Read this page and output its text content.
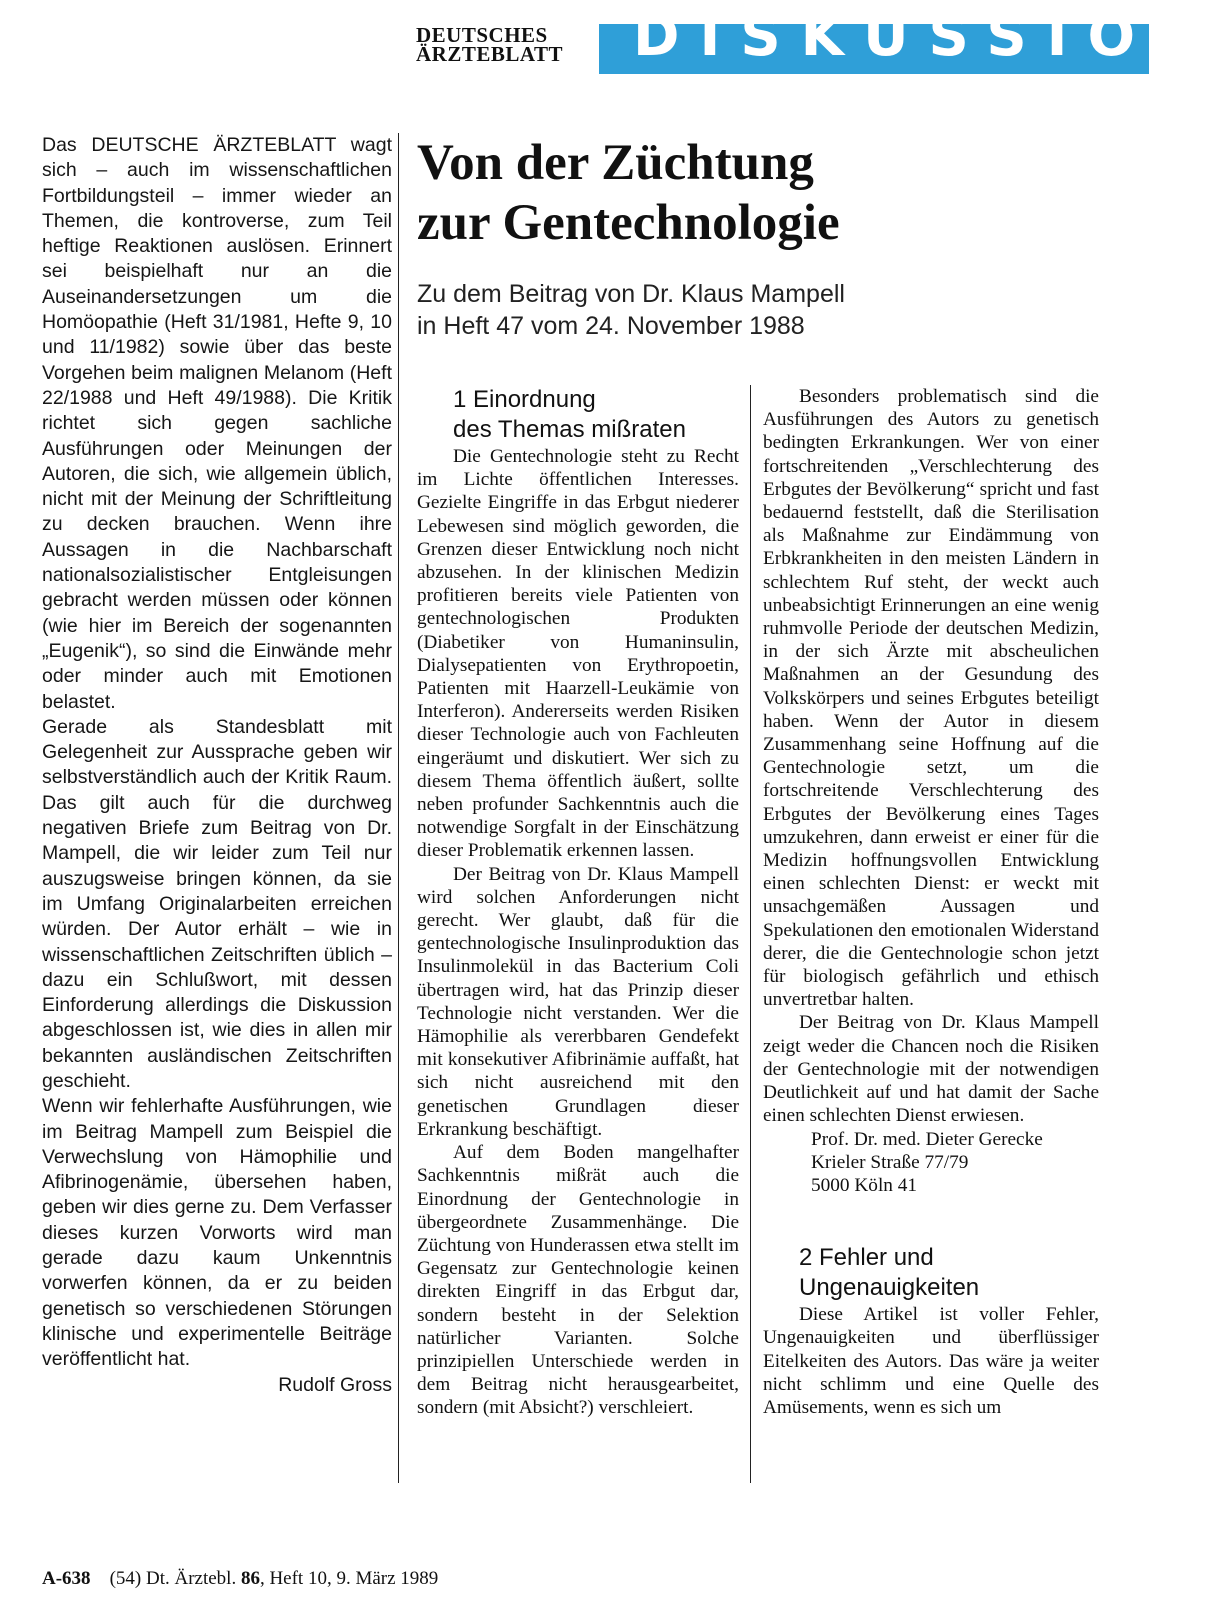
DEUTSCHES
ÄRZTEBLATT	DISKUSSION

Das DEUTSCHE ÄRZTEBLATT wagt sich – auch im wissenschaftlichen Fortbildungsteil – immer wieder an Themen, die kontroverse, zum Teil heftige Reaktionen auslösen. Erinnert sei beispielhaft nur an die Auseinandersetzungen um die Homöopathie (Heft 31/1981, Hefte 9, 10 und 11/1982) sowie über das beste Vorgehen beim malignen Melanom (Heft 22/1988 und Heft 49/1988). Die Kritik richtet sich gegen sachliche Ausführungen oder Meinungen der Autoren, die sich, wie allgemein üblich, nicht mit der Meinung der Schriftleitung zu decken brauchen. Wenn ihre Aussagen in die Nachbarschaft nationalsozialistischer Entgleisungen gebracht werden müssen oder können (wie hier im Bereich der sogenannten „Eugenik“), so sind die Einwände mehr oder minder auch mit Emotionen belastet.

Gerade als Standesblatt mit Gelegenheit zur Aussprache geben wir selbstverständlich auch der Kritik Raum. Das gilt auch für die durchweg negativen Briefe zum Beitrag von Dr. Mampell, die wir leider zum Teil nur auszugsweise bringen können, da sie im Umfang Originalarbeiten erreichen würden. Der Autor erhält – wie in wissenschaftlichen Zeitschriften üblich – dazu ein Schlußwort, mit dessen Einforderung allerdings die Diskussion abgeschlossen ist, wie dies in allen mir bekannten ausländischen Zeitschriften geschieht.

Wenn wir fehlerhafte Ausführungen, wie im Beitrag Mampell zum Beispiel die Verwechslung von Hämophilie und Afibrinogenämie, übersehen haben, geben wir dies gerne zu. Dem Verfasser dieses kurzen Vorworts wird man gerade dazu kaum Unkenntnis vorwerfen können, da er zu beiden genetisch so verschiedenen Störungen klinische und experimentelle Beiträge veröffentlicht hat.

Rudolf Gross

Von der Züchtung
zur Gentechnologie

Zu dem Beitrag von Dr. Klaus Mampell
in Heft 47 vom 24. November 1988

1 Einordnung
des Themas mißraten

Die Gentechnologie steht zu Recht im Lichte öffentlichen Interesses. Gezielte Eingriffe in das Erbgut niederer Lebewesen sind möglich geworden, die Grenzen dieser Entwicklung noch nicht abzusehen. In der klinischen Medizin profitieren bereits viele Patienten von gentechnologischen Produkten (Diabetiker von Humaninsulin, Dialysepatienten von Erythropoetin, Patienten mit Haarzell-Leukämie von Interferon). Andererseits werden Risiken dieser Technologie auch von Fachleuten eingeräumt und diskutiert. Wer sich zu diesem Thema öffentlich äußert, sollte neben profunder Sachkenntnis auch die notwendige Sorgfalt in der Einschätzung dieser Problematik erkennen lassen.

Der Beitrag von Dr. Klaus Mampell wird solchen Anforderungen nicht gerecht. Wer glaubt, daß für die gentechnologische Insulinproduktion das Insulinmolekül in das Bacterium Coli übertragen wird, hat das Prinzip dieser Technologie nicht verstanden. Wer die Hämophilie als vererbbaren Gendefekt mit konsekutiver Afibrinämie auffaßt, hat sich nicht ausreichend mit den genetischen Grundlagen dieser Erkrankung beschäftigt.

Auf dem Boden mangelhafter Sachkenntnis mißrät auch die Einordnung der Gentechnologie in übergeordnete Zusammenhänge. Die Züchtung von Hunderassen etwa stellt im Gegensatz zur Gentechnologie keinen direkten Eingriff in das Erbgut dar, sondern besteht in der Selektion natürlicher Varianten. Solche prinzipiellen Unterschiede werden in dem Beitrag nicht herausgearbeitet, sondern (mit Absicht?) verschleiert.

Besonders problematisch sind die Ausführungen des Autors zu genetisch bedingten Erkrankungen. Wer von einer fortschreitenden „Verschlechterung des Erbgutes der Bevölkerung“ spricht und fast bedauernd feststellt, daß die Sterilisation als Maßnahme zur Eindämmung von Erbkrankheiten in den meisten Ländern in schlechtem Ruf steht, der weckt auch unbeabsichtigt Erinnerungen an eine wenig ruhmvolle Periode der deutschen Medizin, in der sich Ärzte mit abscheulichen Maßnahmen an der Gesundung des Volkskörpers und seines Erbgutes beteiligt haben. Wenn der Autor in diesem Zusammenhang seine Hoffnung auf die Gentechnologie setzt, um die fortschreitende Verschlechterung des Erbgutes der Bevölkerung eines Tages umzukehren, dann erweist er einer für die Medizin hoffnungsvollen Entwicklung einen schlechten Dienst: er weckt mit unsachgemäßen Aussagen und Spekulationen den emotionalen Widerstand derer, die die Gentechnologie schon jetzt für biologisch gefährlich und ethisch unvertretbar halten.

Der Beitrag von Dr. Klaus Mampell zeigt weder die Chancen noch die Risiken der Gentechnologie mit der notwendigen Deutlichkeit auf und hat damit der Sache einen schlechten Dienst erwiesen.

Prof. Dr. med. Dieter Gerecke
Krieler Straße 77/79
5000 Köln 41
2 Fehler und
Ungenauigkeiten

Diese Artikel ist voller Fehler, Ungenauigkeiten und überflüssiger Eitelkeiten des Autors. Das wäre ja weiter nicht schlimm und eine Quelle des Amüsements, wenn es sich um

A-638 (54) Dt. Ärztebl. 86, Heft 10, 9. März 1989
